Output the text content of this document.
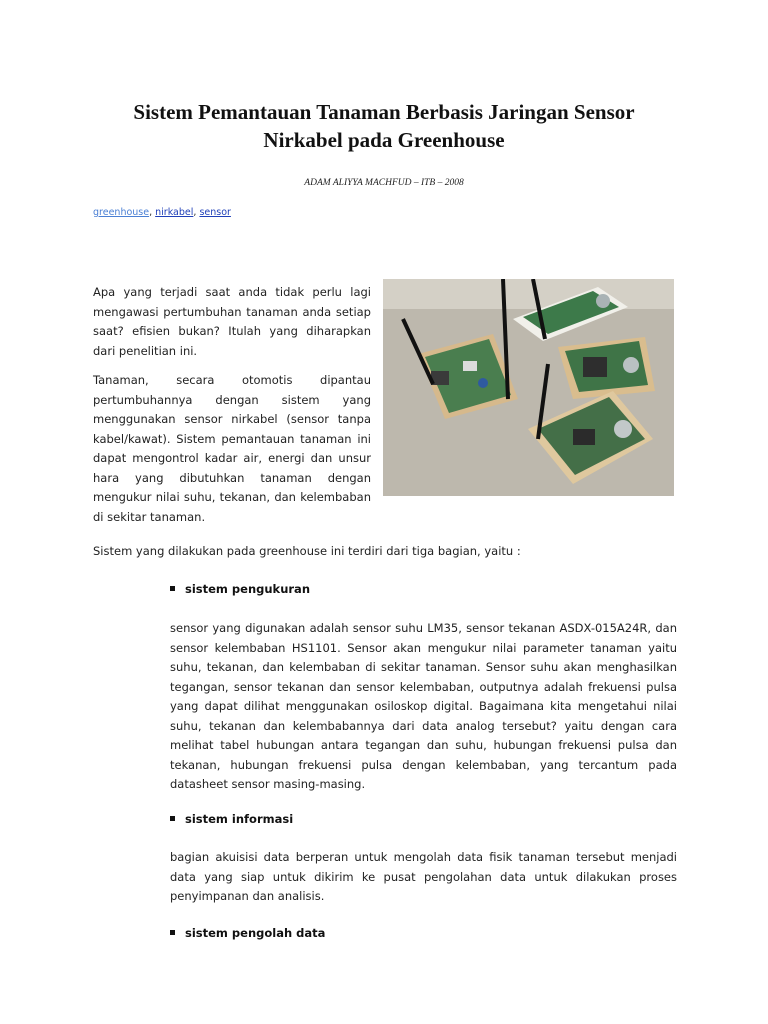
Sistem Pemantauan Tanaman Berbasis Jaringan Sensor
Nirkabel pada Greenhouse

ADAM ALIYYA MACHFUD – ITB – 2008

greenhouse, nirkabel, sensor

Apa yang terjadi saat anda tidak perlu lagi mengawasi pertumbuhan tanaman anda setiap saat? efisien bukan? Itulah yang diharapkan dari penelitian ini.

Tanaman, secara otomotis dipantau pertumbuhannya dengan sistem yang menggunakan sensor nirkabel (sensor tanpa kabel/kawat). Sistem pemantauan tanaman ini dapat mengontrol kadar air, energi dan unsur hara yang dibutuhkan tanaman dengan mengukur nilai suhu, tekanan, dan kelembaban di sekitar tanaman.

Sistem yang dilakukan pada greenhouse ini terdiri dari tiga bagian, yaitu :

sistem pengukuran

sensor yang digunakan adalah sensor suhu LM35, sensor tekanan ASDX-015A24R, dan sensor kelembaban HS1101. Sensor akan mengukur nilai parameter tanaman yaitu suhu, tekanan, dan kelembaban di sekitar tanaman. Sensor suhu akan menghasilkan tegangan, sensor tekanan dan sensor kelembaban, outputnya adalah frekuensi pulsa yang dapat dilihat menggunakan osiloskop digital. Bagaimana kita mengetahui nilai suhu, tekanan dan kelembabannya dari data analog tersebut? yaitu dengan cara melihat tabel hubungan antara tegangan dan suhu, hubungan frekuensi pulsa dan tekanan, hubungan frekuensi pulsa dengan kelembaban, yang tercantum pada datasheet sensor masing-masing.

sistem informasi

bagian akuisisi data berperan untuk mengolah data fisik tanaman tersebut menjadi data yang siap untuk dikirim ke pusat pengolahan data untuk dilakukan proses penyimpanan dan analisis.

sistem pengolah data
